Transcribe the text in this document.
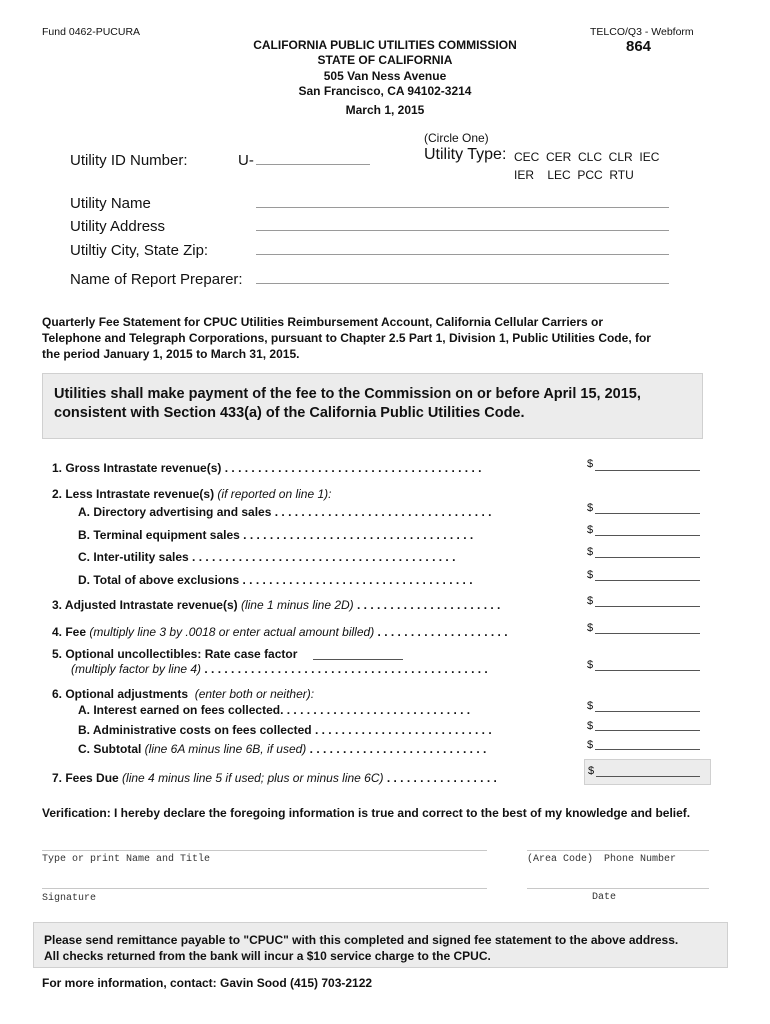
Fund 0462-PUCURA	TELCO/Q3 - Webform
864
CALIFORNIA PUBLIC UTILITIES COMMISSION
STATE OF CALIFORNIA
505 Van Ness Avenue
San Francisco, CA 94102-3214
March 1, 2015
(Circle One)
Utility ID Number:	U-	Utility Type: CEC  CER  CLC  CLR  IEC
IER    LEC  PCC  RTU
Utility Name
Utility Address
Utiltiy City, State Zip:
Name of Report Preparer:
Quarterly Fee Statement for CPUC Utilities Reimbursement Account, California Cellular Carriers or
Telephone and Telegraph Corporations, pursuant to Chapter 2.5 Part 1, Division 1, Public Utilities Code, for
the period January 1, 2015 to March 31, 2015.
Utilities shall make payment of the fee to the Commission on or before April 15, 2015,
consistent with Section 433(a) of the California Public Utilities Code.
1. Gross Intrastate revenue(s) . . . . . . . . . . . . . . . . . . . . . . . . . . . . . . . . . . . . . . .	$
2. Less Intrastate revenue(s) (if reported on line 1):
A. Directory advertising and sales . . . . . . . . . . . . . . . . . . . . . . . . . . . . . . . . .	$
B. Terminal equipment sales . . . . . . . . . . . . . . . . . . . . . . . . . . . . . . . . . . .	$
C. Inter-utility sales . . . . . . . . . . . . . . . . . . . . . . . . . . . . . . . . . . . . . . . .	$
D. Total of above exclusions . . . . . . . . . . . . . . . . . . . . . . . . . . . . . . . . . . .	$
3. Adjusted Intrastate revenue(s) (line 1 minus line 2D) . . . . . . . . . . . . . . . . . . . . . .	$
4. Fee (multiply line 3 by .0018 or enter actual amount billed) . . . . . . . . . . . . . . . . . . . .	$
5. Optional uncollectibles: Rate case factor
(multiply factor by line 4) . . . . . . . . . . . . . . . . . . . . . . . . . . . . . . . . . . . . . . . . . . .	$
6. Optional adjustments (enter both or neither):
A. Interest earned on fees collected. . . . . . . . . . . . . . . . . . . . . . . . . . . . .	$
B. Administrative costs on fees collected . . . . . . . . . . . . . . . . . . . . . . . . . . .	$
C. Subtotal (line 6A minus line 6B, if used) . . . . . . . . . . . . . . . . . . . . . . . . . . .	$
7. Fees Due (line 4 minus line 5 if used; plus or minus line 6C) . . . . . . . . . . . . . . . . .	$
Verification: I hereby declare the foregoing information is true and correct to the best of my knowledge and belief.
Type or print Name and Title	(Area Code) Phone Number
Signature	Date
Please send remittance payable to "CPUC" with this completed and signed fee statement to the above address.
All checks returned from the bank will incur a $10 service charge to the CPUC.
For more information, contact: Gavin Sood (415) 703-2122
